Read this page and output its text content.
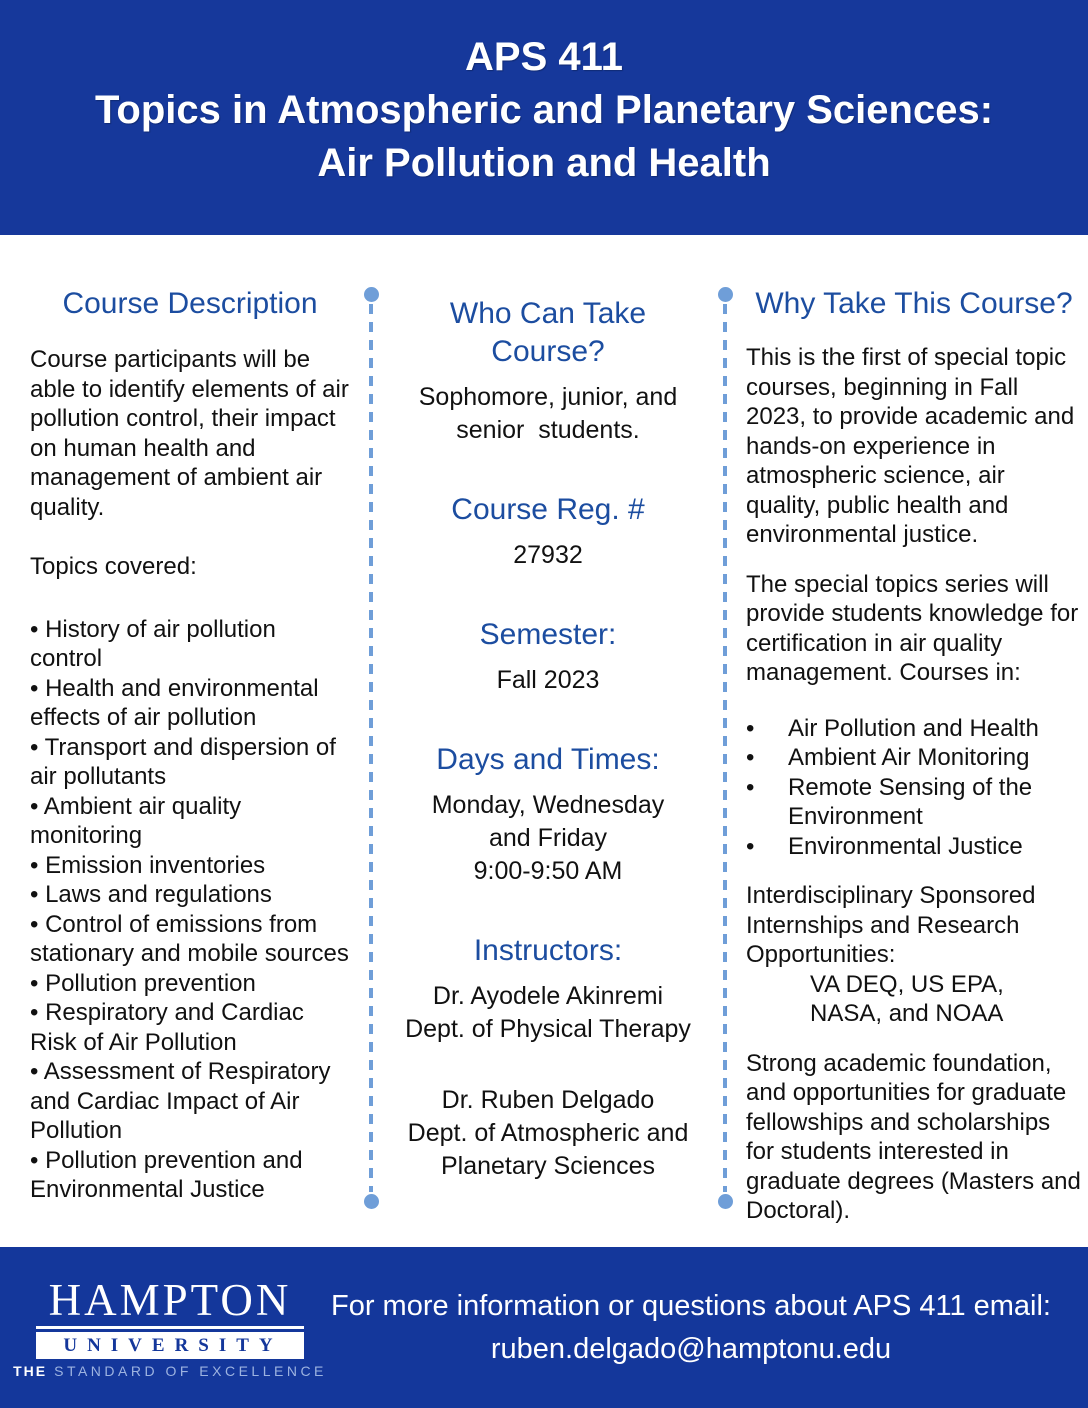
APS 411
Topics in Atmospheric and Planetary Sciences:
Air Pollution and Health
Course Description

Course participants will be able to identify elements of air pollution control, their impact on human health and management of ambient air quality.

Topics covered:

• History of air pollution control

• Health and environmental effects of air pollution

• Transport and dispersion of air pollutants

• Ambient air quality monitoring

• Emission inventories

• Laws and regulations

• Control of emissions from stationary and mobile sources

• Pollution prevention

• Respiratory and Cardiac Risk of Air Pollution

• Assessment of Respiratory and Cardiac Impact of Air Pollution

• Pollution prevention and Environmental Justice

Who Can Take Course?

Sophomore, junior, and senior  students.

Course Reg. #

27932

Semester:

Fall 2023

Days and Times:

Monday, Wednesday

and Friday

9:00-9:50 AM

Instructors:

Dr. Ayodele Akinremi

Dept. of Physical Therapy

Dr. Ruben Delgado

Dept. of Atmospheric and Planetary Sciences

Why Take This Course?

This is the first of special topic courses, beginning in Fall 2023, to provide academic and hands-on experience in atmospheric science, air quality, public health and environmental justice.

The special topics series will provide students knowledge for certification in air quality management. Courses in:

•	Air Pollution and Health
•	Ambient Air Monitoring
•	Remote Sensing of the Environment
•	Environmental Justice

Interdisciplinary Sponsored Internships and Research Opportunities:

VA DEQ, US EPA,

NASA, and NOAA

Strong academic foundation, and opportunities for graduate fellowships and scholarships for students interested in graduate degrees (Masters and Doctoral).

HAMPTON
UNIVERSITY
THE STANDARD OF EXCELLENCE
For more information or questions about APS 411 email:
ruben.delgado@hamptonu.edu
